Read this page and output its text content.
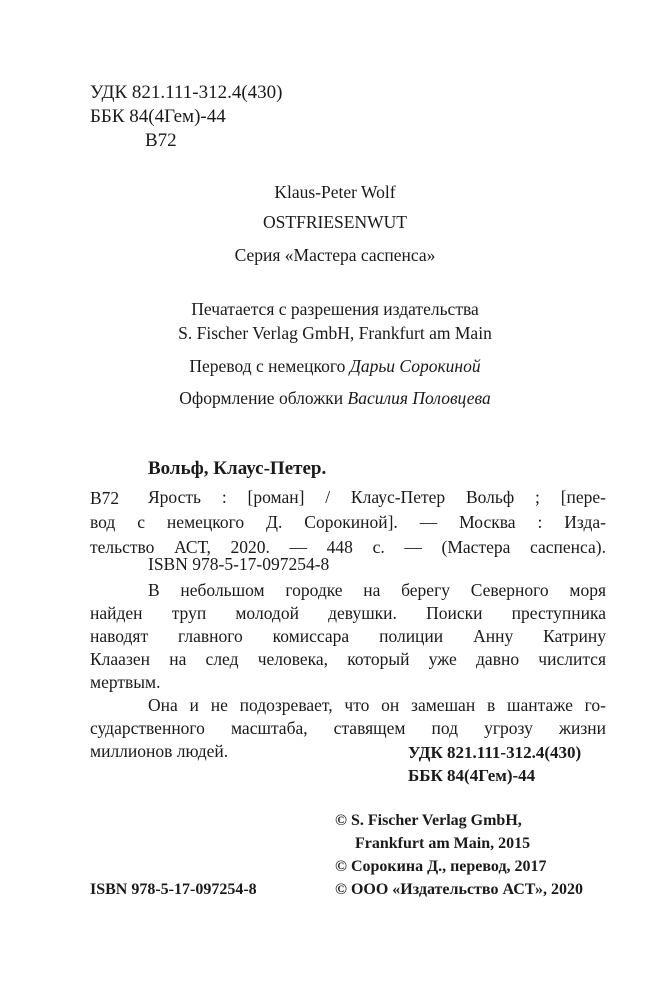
УДК 821.111-312.4(430)
ББК 84(4Гем)-44
В72
Klaus-Peter Wolf
OSTFRIESENWUT
Серия «Мастера саспенса»
Печатается с разрешения издательства
S. Fischer Verlag GmbH, Frankfurt am Main
Перевод с немецкого Дарьи Сорокиной
Оформление обложки Василия Половцева
Вольф, Клаус-Петер.
В72 Ярость : [роман] / Клаус-Петер Вольф ; [пере-
вод с немецкого Д. Сорокиной]. — Москва : Изда-
тельство АСТ, 2020. — 448 с. — (Мастера саспенса).
ISBN 978-5-17-097254-8
В небольшом городке на берегу Северного моря
найден труп молодой девушки. Поиски преступника
наводят главного комиссара полиции Анну Катрину
Клаазен на след человека, который уже давно числится
мертвым.
Она и не подозревает, что он замешан в шантаже го-
сударственного масштаба, ставящем под угрозу жизни
миллионов людей.	УДК 821.111-312.4(430)
ББК 84(4Гем)-44
© S. Fischer Verlag GmbH,
Frankfurt am Main, 2015
© Сорокина Д., перевод, 2017
© ООО «Издательство АСТ», 2020
ISBN 978-5-17-097254-8
